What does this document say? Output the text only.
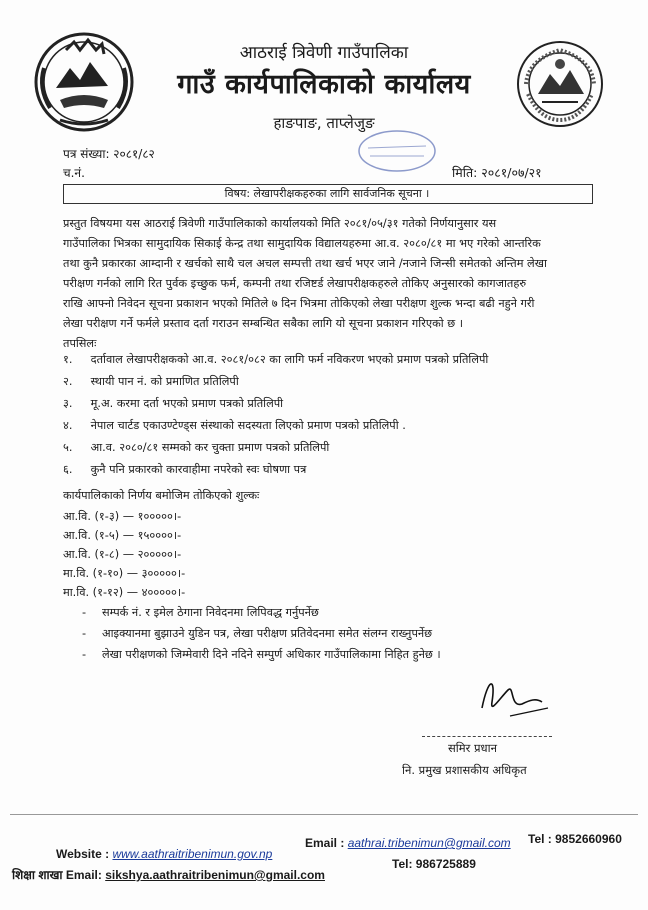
आठराई त्रिवेणी गाउँपालिका
गाउँ कार्यपालिकाको कार्यालय
हाङपाङ, ताप्लेजुङ
पत्र संख्या: २०८१/८२
च.नं.	मिति: २०८१/०७/२१
विषय: लेखापरीक्षकहरुका लागि सार्वजनिक सूचना ।
प्रस्तुत विषयमा यस आठराई त्रिवेणी गाउँपालिकाको कार्यालयको मिति २०८१/०५/३१ गतेको निर्णयानुसार यस
गाउँपालिका भित्रका सामुदायिक सिकाई केन्द्र तथा सामुदायिक विद्यालयहरुमा आ.व. २०८०/८१ मा भए गरेको आन्तरिक
तथा कुनै प्रकारका आम्दानी र खर्चको साथै चल अचल सम्पत्ती तथा खर्च भएर जाने /नजाने जिन्सी समेतको अन्तिम लेखा
परीक्षण गर्नको लागि रित पुर्वक इच्छुक फर्म, कम्पनी तथा रजिष्टर्ड लेखापरीक्षकहरुले तोकिए अनुसारको कागजातहरु
राखि आफ्नो निवेदन सूचना प्रकाशन भएको मितिले ७ दिन भित्रमा तोकिएको लेखा परीक्षण शुल्क भन्दा बढी नहुने गरी
लेखा परीक्षण गर्ने फर्मले प्रस्ताव दर्ता गराउन सम्बन्धित सबैका लागि यो सूचना प्रकाशन गरिएको छ ।
तपसिलः
१. दर्तावाल लेखापरीक्षकको आ.व. २०८१/०८२ का लागि फर्म नविकरण भएको प्रमाण पत्रको प्रतिलिपी
२. स्थायी पान नं. को प्रमाणित प्रतिलिपी
३. मू.अ. करमा दर्ता भएको प्रमाण पत्रको प्रतिलिपी
४. नेपाल चार्टड एकाउण्टेण्ड्स संस्थाको सदस्यता लिएको प्रमाण पत्रको प्रतिलिपी .
५. आ.व. २०८०/८१ सम्मको कर चुक्ता प्रमाण पत्रको प्रतिलिपी
६. कुनै पनि प्रकारको कारवाहीमा नपरेको स्वः घोषणा पत्र
कार्यपालिकाको निर्णय बमोजिम तोकिएको शुल्कः
आ.वि. (१-३) — १०००००।-
आ.वि. (१-५) — १५००००।-
आ.वि. (१-८) — २०००००।-
मा.वि. (१-१०) — ३०००००।-
मा.वि. (१-१२) — ४०००००।-
- सम्पर्क नं. र इमेल ठेगाना निवेदनमा लिपिवद्ध गर्नुपर्नेछ
- आइक्यानमा बुझाउने युडिन पत्र, लेखा परीक्षण प्रतिवेदनमा समेत संलग्न राख्नुपर्नेछ
- लेखा परीक्षणको जिम्मेवारी दिने नदिने सम्पुर्ण अधिकार गाउँपालिकामा निहित हुनेछ ।
समिर प्रधान
नि. प्रमुख प्रशासकीय अधिकृत
Website : www.aathraitribenimun.gov.np
Email : aathrai.tribenimun@gmail.com Tel : 9852660960
शिक्षा शाखा Email: sikshya.aathraitribenimun@gmail.com
Tel: 986725889
